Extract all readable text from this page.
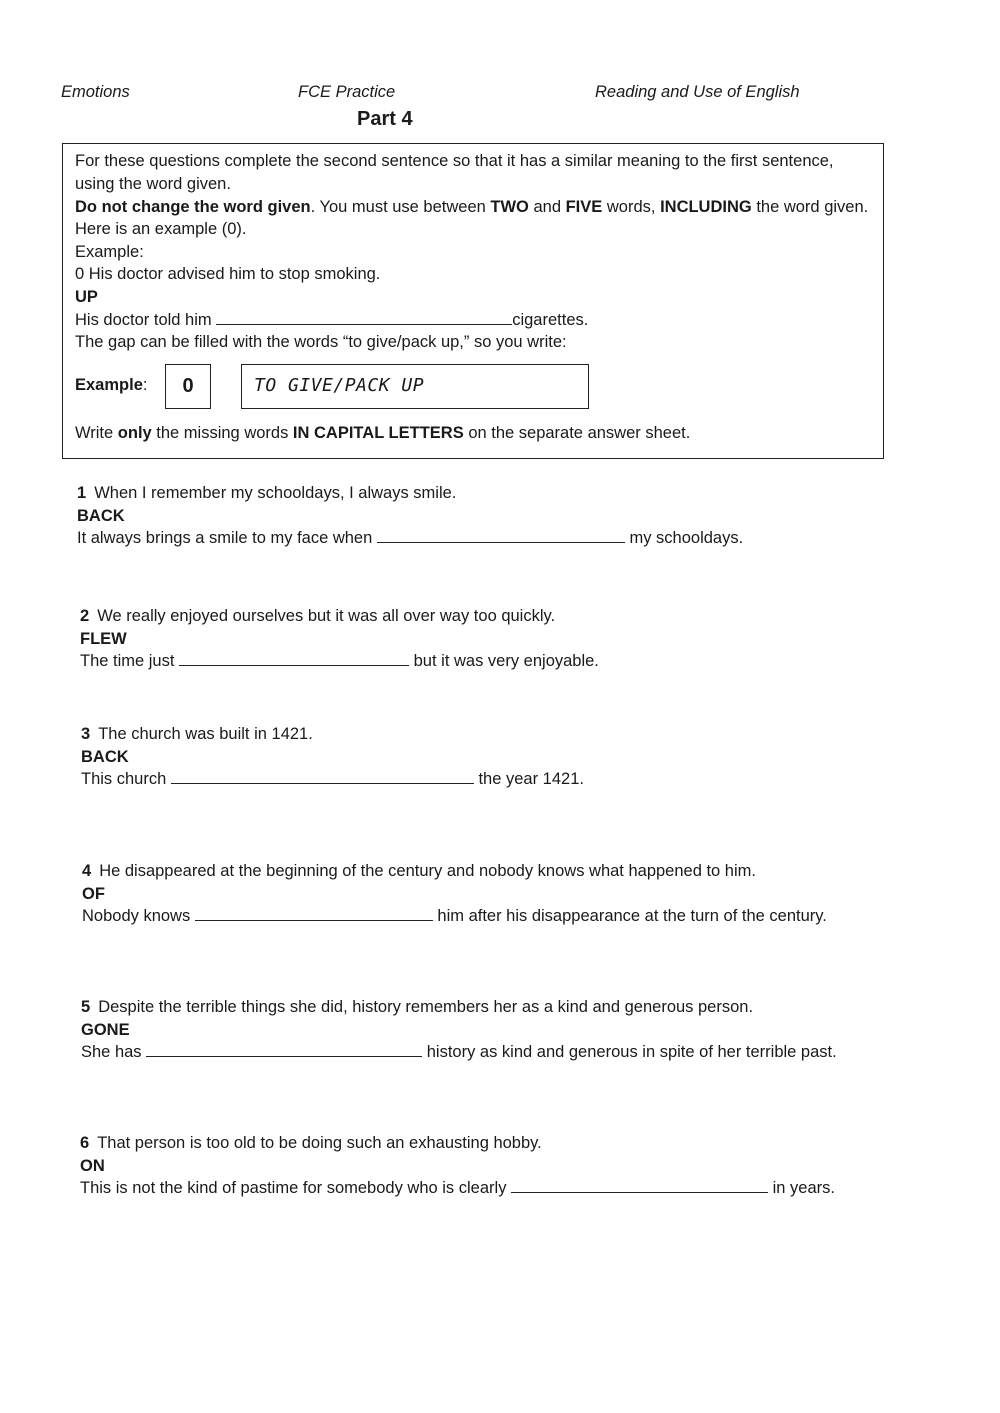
Emotions	FCE Practice	Reading and Use of English
Part 4
For these questions complete the second sentence so that it has a similar meaning to the first sentence,
using the word given.
Do not change the word given. You must use between TWO and FIVE words, INCLUDING the word given.
Here is an example (0).
Example:
0 His doctor advised him to stop smoking.
UP
His doctor told him	cigarettes.
The gap can be filled with the words “to give/pack up,” so you write:
Example:	0	TO GIVE/PACK UP
Write only the missing words IN CAPITAL LETTERS on the separate answer sheet.
1 When I remember my schooldays, I always smile.
BACK
It always brings a smile to my face when	my schooldays.
2 We really enjoyed ourselves but it was all over way too quickly.
FLEW
The time just	but it was very enjoyable.
3 The church was built in 1421.
BACK
This church	the year 1421.
4 He disappeared at the beginning of the century and nobody knows what happened to him.
OF
Nobody knows	him after his disappearance at the turn of the century.
5 Despite the terrible things she did, history remembers her as a kind and generous person.
GONE
She has	history as kind and generous in spite of her terrible past.
6 That person is too old to be doing such an exhausting hobby.
ON
This is not the kind of pastime for somebody who is clearly	in years.
